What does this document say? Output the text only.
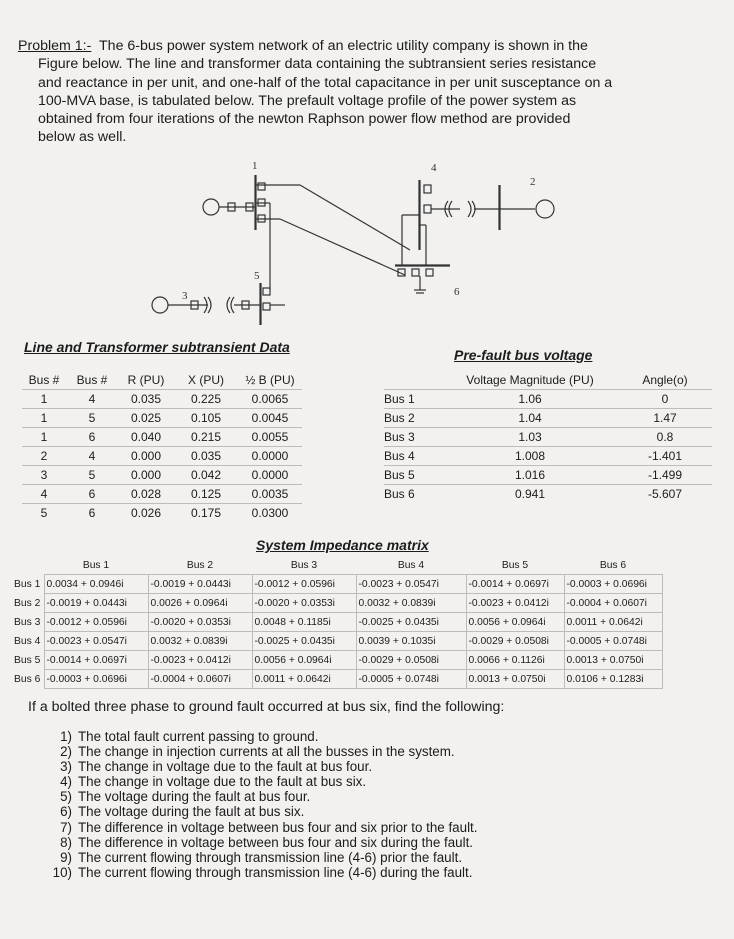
Problem 1:- The 6-bus power system network of an electric utility company is shown in the
Figure below. The line and transformer data containing the subtransient series resistance
and reactance in per unit, and one-half of the total capacitance in per unit susceptance on a
100-MVA base, is tabulated below. The prefault voltage profile of the power system as
obtained from four iterations of the newton Raphson power flow method are provided
below as well.
1
2
3
4
5
6
Line and Transformer subtransient Data
Bus #	Bus #	R (PU)	X (PU)	½ B (PU)
1	4	0.035	0.225	0.0065
1	5	0.025	0.105	0.0045
1	6	0.040	0.215	0.0055
2	4	0.000	0.035	0.0000
3	5	0.000	0.042	0.0000
4	6	0.028	0.125	0.0035
5	6	0.026	0.175	0.0300
Pre-fault bus voltage
	Voltage Magnitude (PU)	Angle(o)
Bus 1	1.06	0
Bus 2	1.04	1.47
Bus 3	1.03	0.8
Bus 4	1.008	-1.401
Bus 5	1.016	-1.499
Bus 6	0.941	-5.607
System Impedance matrix
	Bus 1	Bus 2	Bus 3	Bus 4	Bus 5	Bus 6
Bus 1	0.0034 + 0.0946i	-0.0019 + 0.0443i	-0.0012 + 0.0596i	-0.0023 + 0.0547i	-0.0014 + 0.0697i	-0.0003 + 0.0696i
Bus 2	-0.0019 + 0.0443i	0.0026 + 0.0964i	-0.0020 + 0.0353i	0.0032 + 0.0839i	-0.0023 + 0.0412i	-0.0004 + 0.0607i
Bus 3	-0.0012 + 0.0596i	-0.0020 + 0.0353i	0.0048 + 0.1185i	-0.0025 + 0.0435i	0.0056 + 0.0964i	0.0011 + 0.0642i
Bus 4	-0.0023 + 0.0547i	0.0032 + 0.0839i	-0.0025 + 0.0435i	0.0039 + 0.1035i	-0.0029 + 0.0508i	-0.0005 + 0.0748i
Bus 5	-0.0014 + 0.0697i	-0.0023 + 0.0412i	0.0056 + 0.0964i	-0.0029 + 0.0508i	0.0066 + 0.1126i	0.0013 + 0.0750i
Bus 6	-0.0003 + 0.0696i	-0.0004 + 0.0607i	0.0011 + 0.0642i	-0.0005 + 0.0748i	0.0013 + 0.0750i	0.0106 + 0.1283i
If a bolted three phase to ground fault occurred at bus six, find the following:
1) The total fault current passing to ground.
2) The change in injection currents at all the busses in the system.
3) The change in voltage due to the fault at bus four.
4) The change in voltage due to the fault at bus six.
5) The voltage during the fault at bus four.
6) The voltage during the fault at bus six.
7) The difference in voltage between bus four and six prior to the fault.
8) The difference in voltage between bus four and six during the fault.
9) The current flowing through transmission line (4-6) prior the fault.
10) The current flowing through transmission line (4-6) during the fault.
